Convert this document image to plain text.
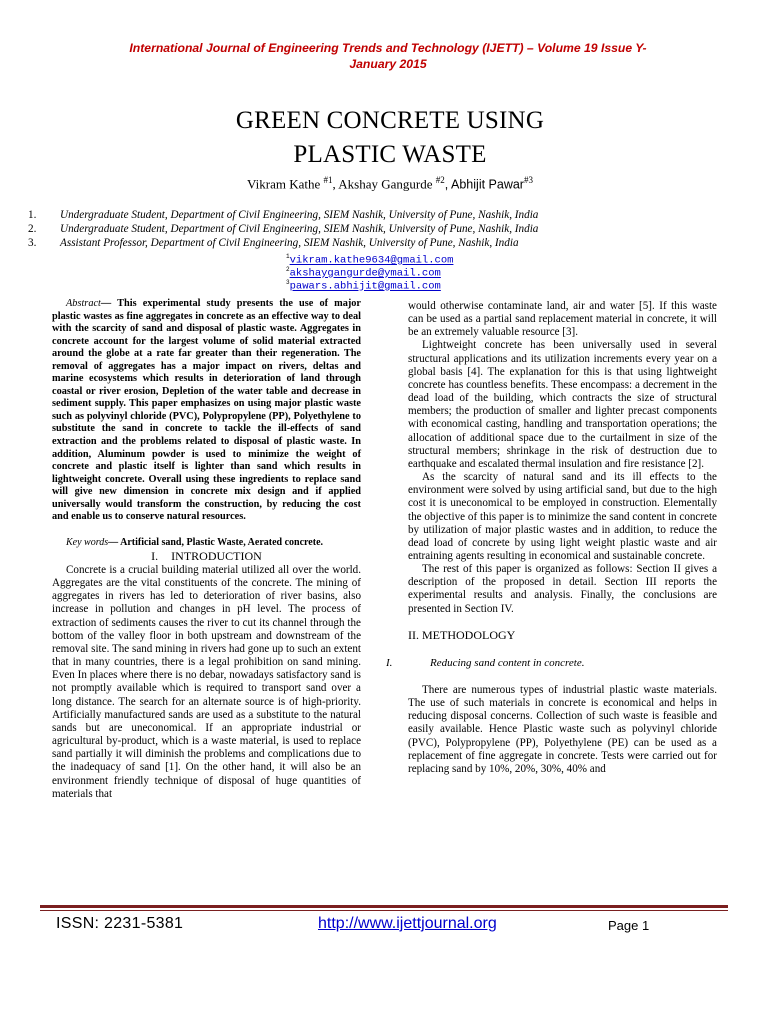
International Journal of Engineering Trends and Technology (IJETT) – Volume 19 Issue Y-
January 2015
GREEN CONCRETE USING
PLASTIC WASTE
Vikram Kathe $^{\#1}$, Akshay Gangurde $^{\#2}$, Abhijit Pawar$^{\#3}$
1. Undergraduate Student, Department of Civil Engineering, SIEM Nashik, University of Pune, Nashik, India
2. Undergraduate Student, Department of Civil Engineering, SIEM Nashik, University of Pune, Nashik, India
3. Assistant Professor, Department of Civil Engineering, SIEM Nashik, University of Pune, Nashik, India
$^1$vikram.kathe9634@gmail.com
$^2$akshaygangurde@ymail.com
$^3$pawars.abhijit@gmail.com

Abstract— This experimental study presents the use of major plastic wastes as fine aggregates in concrete as an effective way to deal with the scarcity of sand and disposal of plastic waste. Aggregates in concrete account for the largest volume of solid material extracted around the globe at a rate far greater than their regeneration. The removal of aggregates has a major impact on rivers, deltas and marine ecosystems which results in deterioration of land through coastal or river erosion, Depletion of the water table and decrease in sediment supply. This paper emphasizes on using major plastic waste such as polyvinyl chloride (PVC), Polypropylene (PP), Polyethylene to substitute the sand in concrete to tackle the ill-effects of sand extraction and the problems related to disposal of plastic waste. In addition, Aluminum powder is used to minimize the weight of concrete and plastic itself is lighter than sand which results in lightweight concrete. Overall using these ingredients to replace sand will give new dimension in concrete mix design and if applied universally would transform the construction, by reducing the cost and enable us to conserve natural resources.

Key words— Artificial sand, Plastic Waste, Aerated concrete.

I. INTRODUCTION

Concrete is a crucial building material utilized all over the world. Aggregates are the vital constituents of the concrete. The mining of aggregates in rivers has led to deterioration of river basins, also increase in pollution and changes in pH level. The process of extraction of sediments causes the river to cut its channel through the bottom of the valley floor in both upstream and downstream of the removal site. The sand mining in rivers had gone up to such an extent that in many countries, there is a legal prohibition on sand mining. Even In places where there is no debar, nowadays satisfactory sand is not promptly available which is required to transport sand over a long distance. The search for an alternate source is of high-priority. Artificially manufactured sands are used as a substitute to the natural sands but are uneconomical. If an appropriate industrial or agricultural by-product, which is a waste material, is used to replace sand partially it will diminish the problems and complications due to the inadequacy of sand [1]. On the other hand, it will also be an environment friendly technique of disposal of huge quantities of materials that

would otherwise contaminate land, air and water [5]. If this waste can be used as a partial sand replacement material in concrete, it will be an extremely valuable resource [3].

Lightweight concrete has been universally used in several structural applications and its utilization increments every year on a global basis [4]. The explanation for this is that using lightweight concrete has countless benefits. These encompass: a decrement in the dead load of the building, which contracts the size of structural members; the production of smaller and lighter precast components with economical casting, handling and transportation operations; the allocation of additional space due to the curtailment in size of the structural members; shrinkage in the risk of destruction due to earthquake and escalated thermal insulation and fire resistance [2].

As the scarcity of natural sand and its ill effects to the environment were solved by using artificial sand, but due to the high cost it is uneconomical to be employed in construction. Elementally the objective of this paper is to minimize the sand content in concrete by utilization of major plastic wastes and in addition, to reduce the dead load of concrete by using light weight plastic waste and air entraining agents resulting in economical and sustainable concrete.

The rest of this paper is organized as follows: Section II gives a description of the proposed in detail. Section III reports the experimental results and analysis. Finally, the conclusions are presented in Section IV.

II. METHODOLOGY

I.	Reducing sand content in concrete.

There are numerous types of industrial plastic waste materials. The use of such materials in concrete is economical and helps in reducing disposal concerns. Collection of such waste is feasible and easily available. Hence Plastic waste such as polyvinyl chloride (PVC), Polypropylene (PP), Polyethylene (PE) can be used as a replacement of fine aggregate in concrete. Tests were carried out for replacing sand by 10%, 20%, 30%, 40% and

ISSN: 2231-5381	http://www.ijettjournal.org	Page 1
